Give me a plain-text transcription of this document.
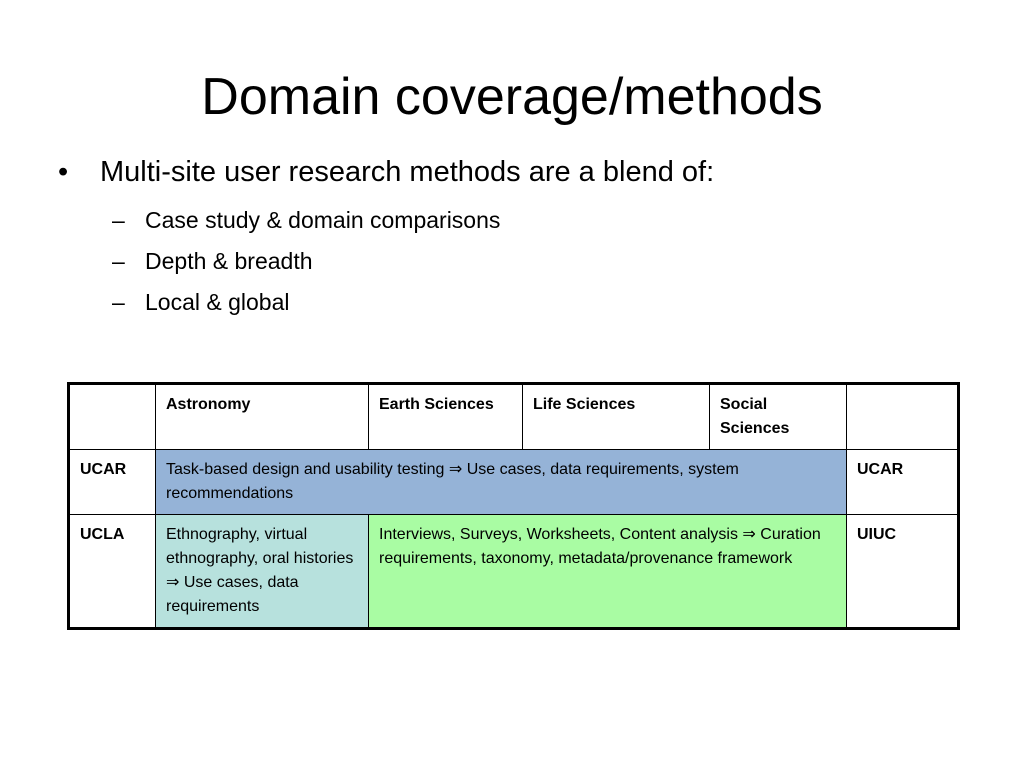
Domain coverage/methods
• Multi-site user research methods are a blend of:
– Case study & domain comparisons
– Depth & breadth
– Local & global
	Astronomy	Earth Sciences	Life Sciences	Social Sciences	
UCAR	Task-based design and usability testing ⇒ Use cases, data requirements, system recommendations				UCAR
UCLA	Ethnography, virtual ethnography, oral histories ⇒ Use cases, data requirements	Interviews, Surveys, Worksheets, Content analysis ⇒ Curation requirements, taxonomy, metadata/provenance framework			UIUC
